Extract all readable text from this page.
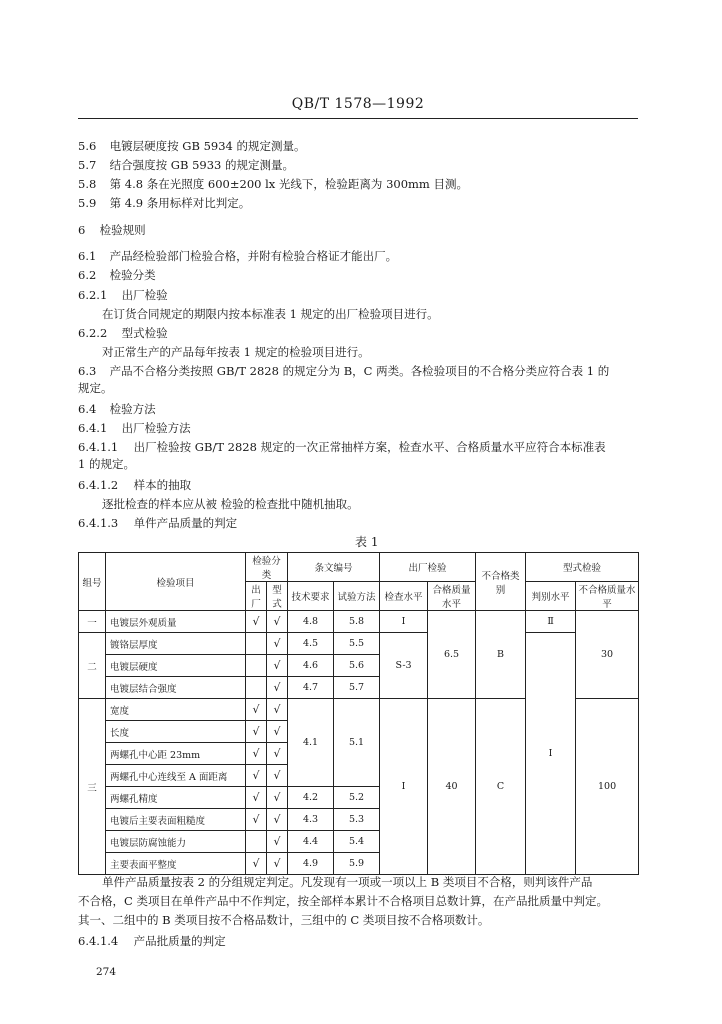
QB/T 1578—1992
5.6 电镀层硬度按 GB 5934 的规定测量。
5.7 结合强度按 GB 5933 的规定测量。
5.8 第 4.8 条在光照度 600±200 lx 光线下，检验距离为 300mm 目测。
5.9 第 4.9 条用标样对比判定。
6 检验规则
6.1 产品经检验部门检验合格，并附有检验合格证才能出厂。
6.2 检验分类
6.2.1 出厂检验
在订货合同规定的期限内按本标准表 1 规定的出厂检验项目进行。
6.2.2 型式检验
对正常生产的产品每年按表 1 规定的检验项目进行。
6.3 产品不合格分类按照 GB/T 2828 的规定分为 B，C 两类。各检验项目的不合格分类应符合表 1 的
规定。
6.4 检验方法
6.4.1 出厂检验方法
6.4.1.1 出厂检验按 GB/T 2828 规定的一次正常抽样方案，检查水平、合格质量水平应符合本标准表
1 的规定。
6.4.1.2 样本的抽取
逐批检查的样本应从被 检验的检查批中随机抽取。
6.4.1.3 单件产品质量的判定
表 1
组号	检验项目	检验分类		条文编号		出厂检验		不合格类别	型式检验	
		出厂	型式	技术要求	试验方法	检查水平	合格质量水平		判别水平	不合格质量水平
一	电镀层外观质量	√	√	4.8	5.8	I	6.5	B	Ⅱ	30
二	镀铬层厚度		√	4.5	5.5	S-3			I	
	电镀层硬度		√	4.6	5.6					
	电镀层结合强度		√	4.7	5.7					
三	宽度	√	√	4.1	5.1	I	40	C		100
	长度	√	√							
	两螺孔中心距 23mm	√	√							
	两螺孔中心连线至 A 面距离	√	√							
	两螺孔精度	√	√	4.2	5.2					
	电镀后主要表面粗糙度	√	√	4.3	5.3					
	电镀层防腐蚀能力		√	4.4	5.4					
	主要表面平整度	√	√	4.9	5.9					
单件产品质量按表 2 的分组规定判定。凡发现有一项或一项以上 B 类项目不合格，则判该件产品
不合格，C 类项目在单件产品中不作判定，按全部样本累计不合格项目总数计算，在产品批质量中判定。
其一、二组中的 B 类项目按不合格品数计，三组中的 C 类项目按不合格项数计。
6.4.1.4 产品批质量的判定
274
